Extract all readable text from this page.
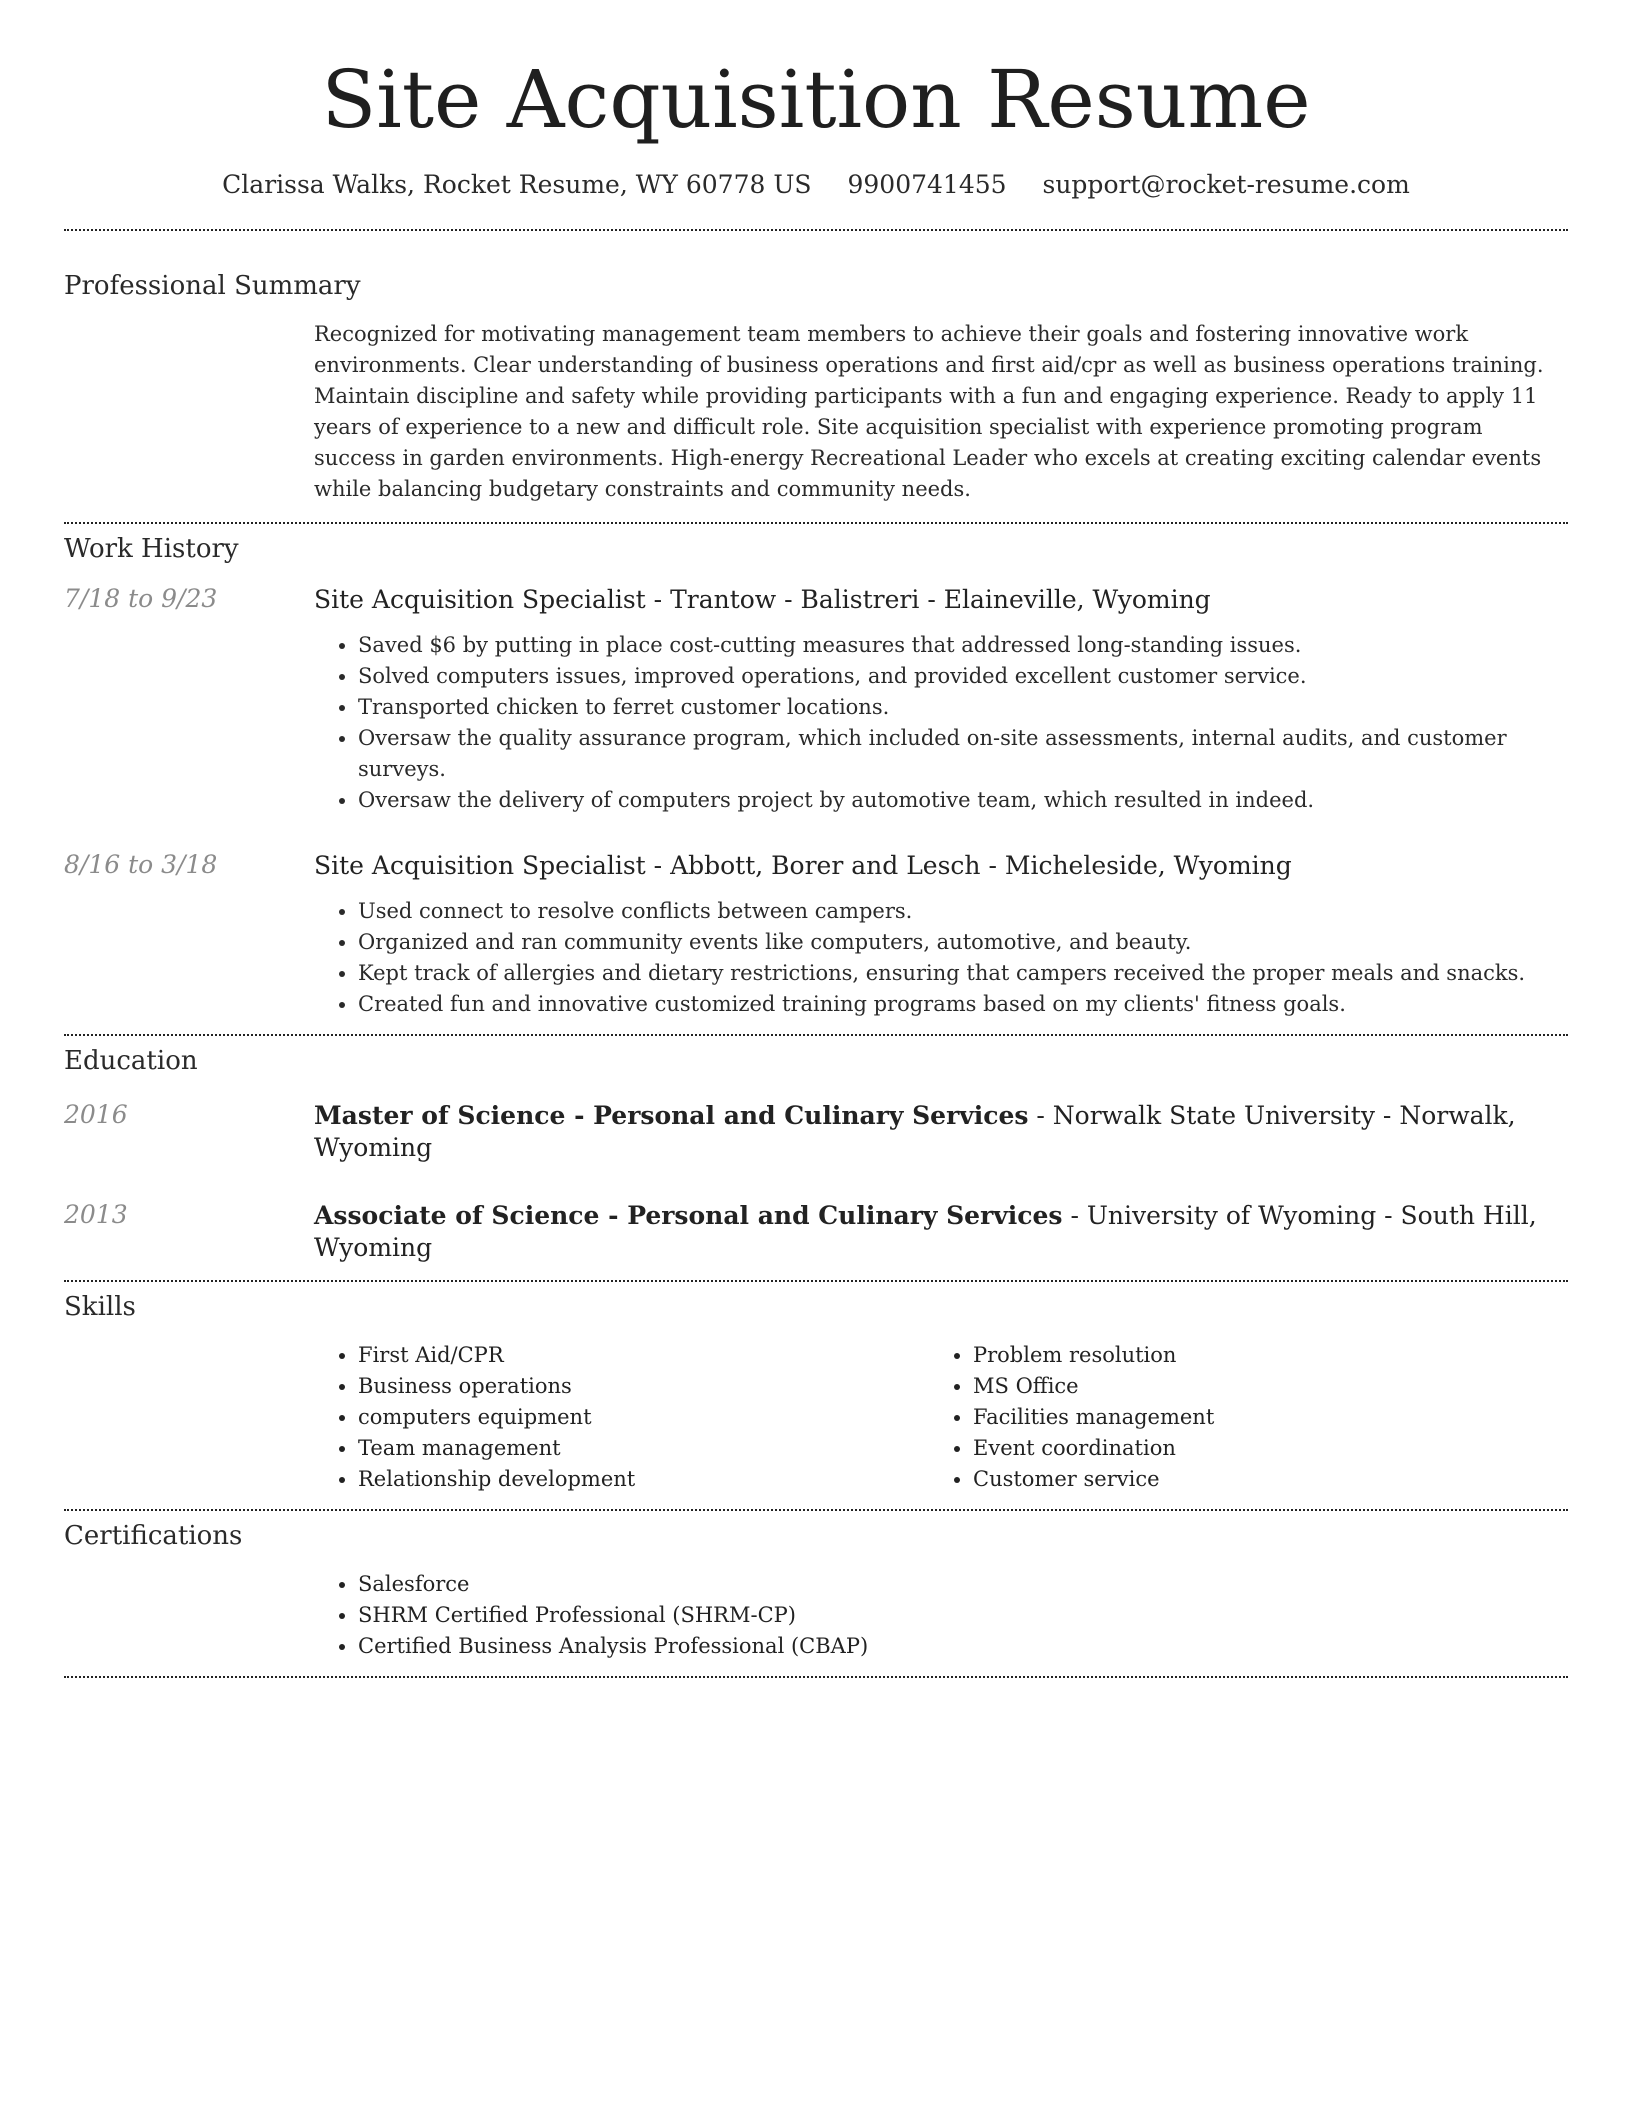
Site Acquisition Resume
Clarissa Walks, Rocket Resume, WY 60778 US 9900741455 support@rocket-resume.com
Professional Summary
Recognized for motivating management team members to achieve their goals and fostering innovative work environments. Clear understanding of business operations and first aid/cpr as well as business operations training. Maintain discipline and safety while providing participants with a fun and engaging experience. Ready to apply 11 years of experience to a new and difficult role. Site acquisition specialist with experience promoting program success in garden environments. High-energy Recreational Leader who excels at creating exciting calendar events while balancing budgetary constraints and community needs.
Work History
7/18 to 9/23	Site Acquisition Specialist - Trantow - Balistreri - Elaineville, Wyoming
• Saved $6 by putting in place cost-cutting measures that addressed long-standing issues.
• Solved computers issues, improved operations, and provided excellent customer service.
• Transported chicken to ferret customer locations.
• Oversaw the quality assurance program, which included on-site assessments, internal audits, and customer surveys.
• Oversaw the delivery of computers project by automotive team, which resulted in indeed.
8/16 to 3/18	Site Acquisition Specialist - Abbott, Borer and Lesch - Micheleside, Wyoming
• Used connect to resolve conflicts between campers.
• Organized and ran community events like computers, automotive, and beauty.
• Kept track of allergies and dietary restrictions, ensuring that campers received the proper meals and snacks.
• Created fun and innovative customized training programs based on my clients' fitness goals.
Education
2016	Master of Science - Personal and Culinary Services - Norwalk State University - Norwalk, Wyoming
2013	Associate of Science - Personal and Culinary Services - University of Wyoming - South Hill, Wyoming
Skills
• First Aid/CPR
• Business operations
• computers equipment
• Team management
• Relationship development
• Problem resolution
• MS Office
• Facilities management
• Event coordination
• Customer service
Certifications
• Salesforce
• SHRM Certified Professional (SHRM-CP)
• Certified Business Analysis Professional (CBAP)
